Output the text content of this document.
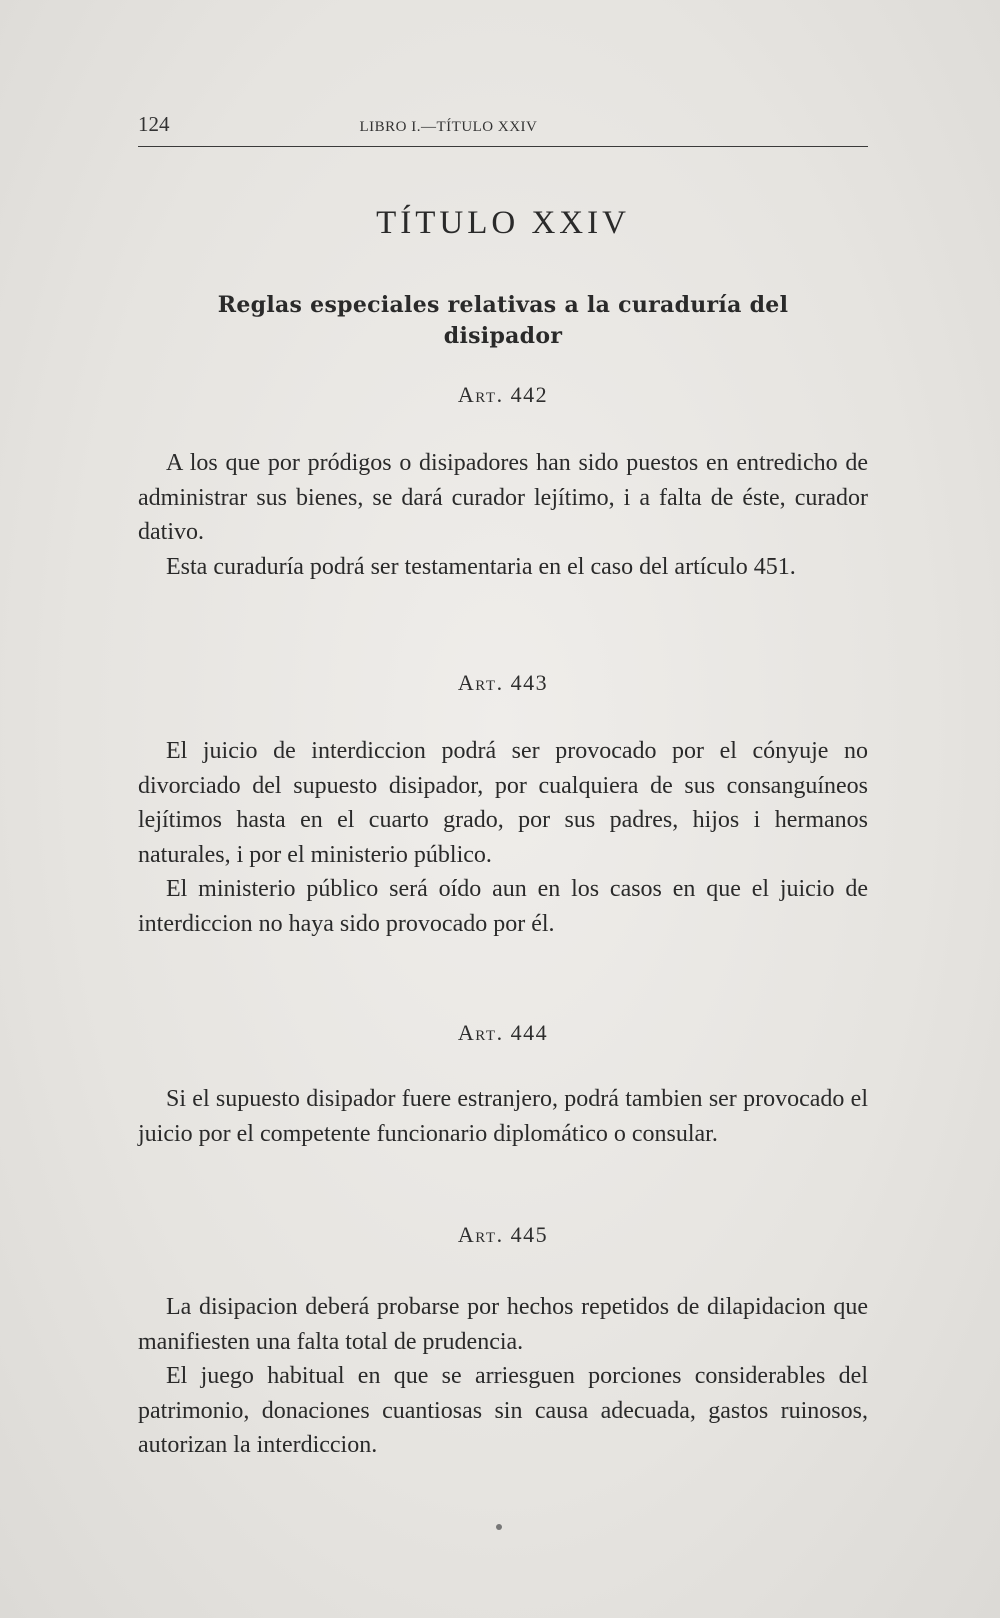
124	LIBRO I.—TÍTULO XXIV
TÍTULO XXIV
Reglas especiales relativas a la curaduría del disipador
Art. 442

A los que por pródigos o disipadores han sido puestos en entredicho de administrar sus bienes, se dará curador lejítimo, i a falta de éste, curador dativo.

Esta curaduría podrá ser testamentaria en el caso del artículo 451.

Art. 443

El juicio de interdiccion podrá ser provocado por el cónyuje no divorciado del supuesto disipador, por cualquiera de sus consanguíneos lejítimos hasta en el cuarto grado, por sus padres, hijos i hermanos naturales, i por el ministerio público.

El ministerio público será oído aun en los casos en que el juicio de interdiccion no haya sido provocado por él.

Art. 444

Si el supuesto disipador fuere estranjero, podrá tambien ser provocado el juicio por el competente funcionario diplomático o consular.

Art. 445

La disipacion deberá probarse por hechos repetidos de dilapidacion que manifiesten una falta total de prudencia.

El juego habitual en que se arriesguen porciones considerables del patrimonio, donaciones cuantiosas sin causa adecuada, gastos ruinosos, autorizan la interdiccion.
